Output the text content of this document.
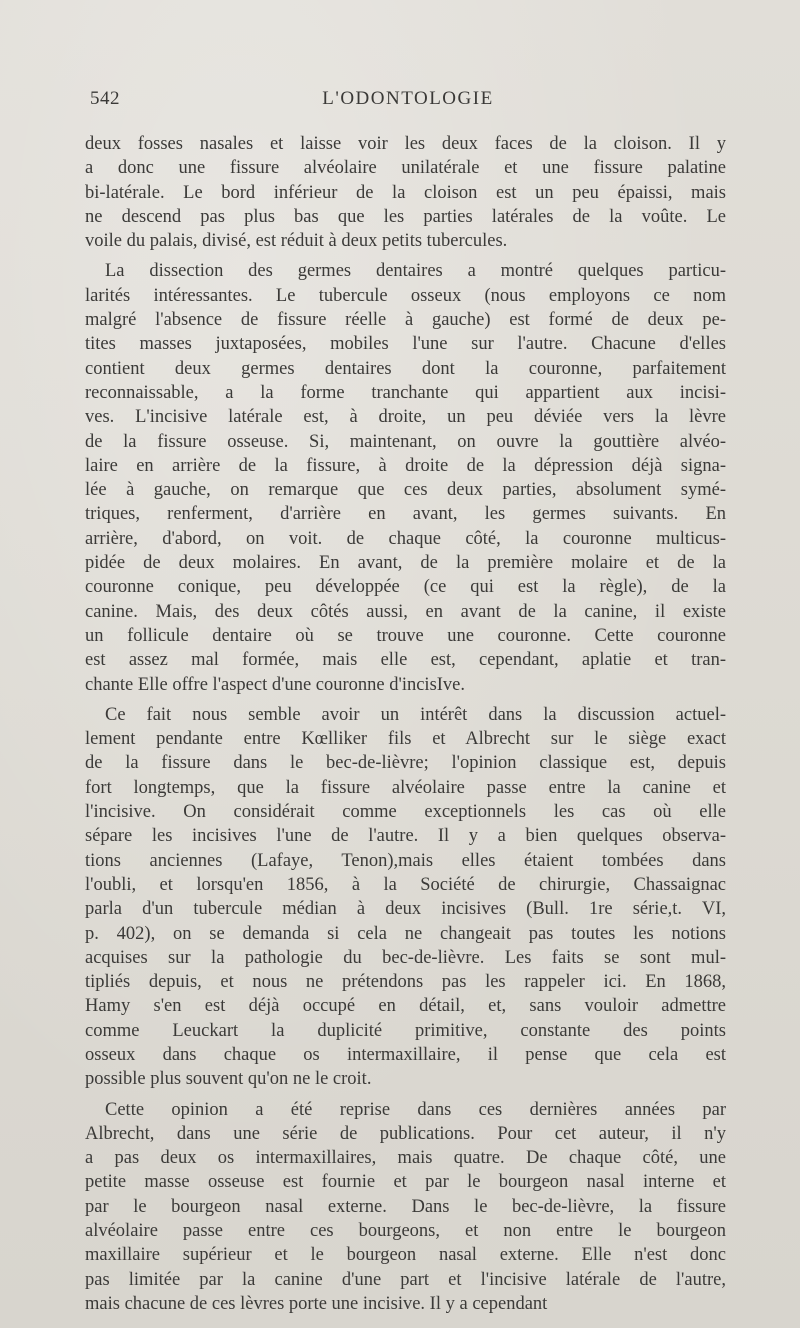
542	L'ODONTOLOGIE
deux fosses nasales et laisse voir les deux faces de la cloison. Il y
a donc une fissure alvéolaire unilatérale et une fissure palatine
bi-latérale. Le bord inférieur de la cloison est un peu épaissi, mais
ne descend pas plus bas que les parties latérales de la voûte. Le
voile du palais, divisé, est réduit à deux petits tubercules.
La dissection des germes dentaires a montré quelques particu-
larités intéressantes. Le tubercule osseux (nous employons ce nom
malgré l'absence de fissure réelle à gauche) est formé de deux pe-
tites masses juxtaposées, mobiles l'une sur l'autre. Chacune d'elles
contient deux germes dentaires dont la couronne, parfaitement
reconnaissable, a la forme tranchante qui appartient aux incisi-
ves. L'incisive latérale est, à droite, un peu déviée vers la lèvre
de la fissure osseuse. Si, maintenant, on ouvre la gouttière alvéo-
laire en arrière de la fissure, à droite de la dépression déjà signa-
lée à gauche, on remarque que ces deux parties, absolument symé-
triques, renferment, d'arrière en avant, les germes suivants. En
arrière, d'abord, on voit. de chaque côté, la couronne multicus-
pidée de deux molaires. En avant, de la première molaire et de la
couronne conique, peu développée (ce qui est la règle), de la
canine. Mais, des deux côtés aussi, en avant de la canine, il existe
un follicule dentaire où se trouve une couronne. Cette couronne
est assez mal formée, mais elle est, cependant, aplatie et tran-
chante Elle offre l'aspect d'une couronne d'incisIve.
Ce fait nous semble avoir un intérêt dans la discussion actuel-
lement pendante entre Kœlliker fils et Albrecht sur le siège exact
de la fissure dans le bec-de-lièvre; l'opinion classique est, depuis
fort longtemps, que la fissure alvéolaire passe entre la canine et
l'incisive. On considérait comme exceptionnels les cas où elle
sépare les incisives l'une de l'autre. Il y a bien quelques observa-
tions anciennes (Lafaye, Tenon),mais elles étaient tombées dans
l'oubli, et lorsqu'en 1856, à la Société de chirurgie, Chassaignac
parla d'un tubercule médian à deux incisives (Bull. 1re série,t. VI,
p. 402), on se demanda si cela ne changeait pas toutes les notions
acquises sur la pathologie du bec-de-lièvre. Les faits se sont mul-
tipliés depuis, et nous ne prétendons pas les rappeler ici. En 1868,
Hamy s'en est déjà occupé en détail, et, sans vouloir admettre
comme Leuckart la duplicité primitive, constante des points
osseux dans chaque os intermaxillaire, il pense que cela est
possible plus souvent qu'on ne le croit.
Cette opinion a été reprise dans ces dernières années par
Albrecht, dans une série de publications. Pour cet auteur, il n'y
a pas deux os intermaxillaires, mais quatre. De chaque côté, une
petite masse osseuse est fournie et par le bourgeon nasal interne et
par le bourgeon nasal externe. Dans le bec-de-lièvre, la fissure
alvéolaire passe entre ces bourgeons, et non entre le bourgeon
maxillaire supérieur et le bourgeon nasal externe. Elle n'est donc
pas limitée par la canine d'une part et l'incisive latérale de l'autre,
mais chacune de ces lèvres porte une incisive. Il y a cependant
